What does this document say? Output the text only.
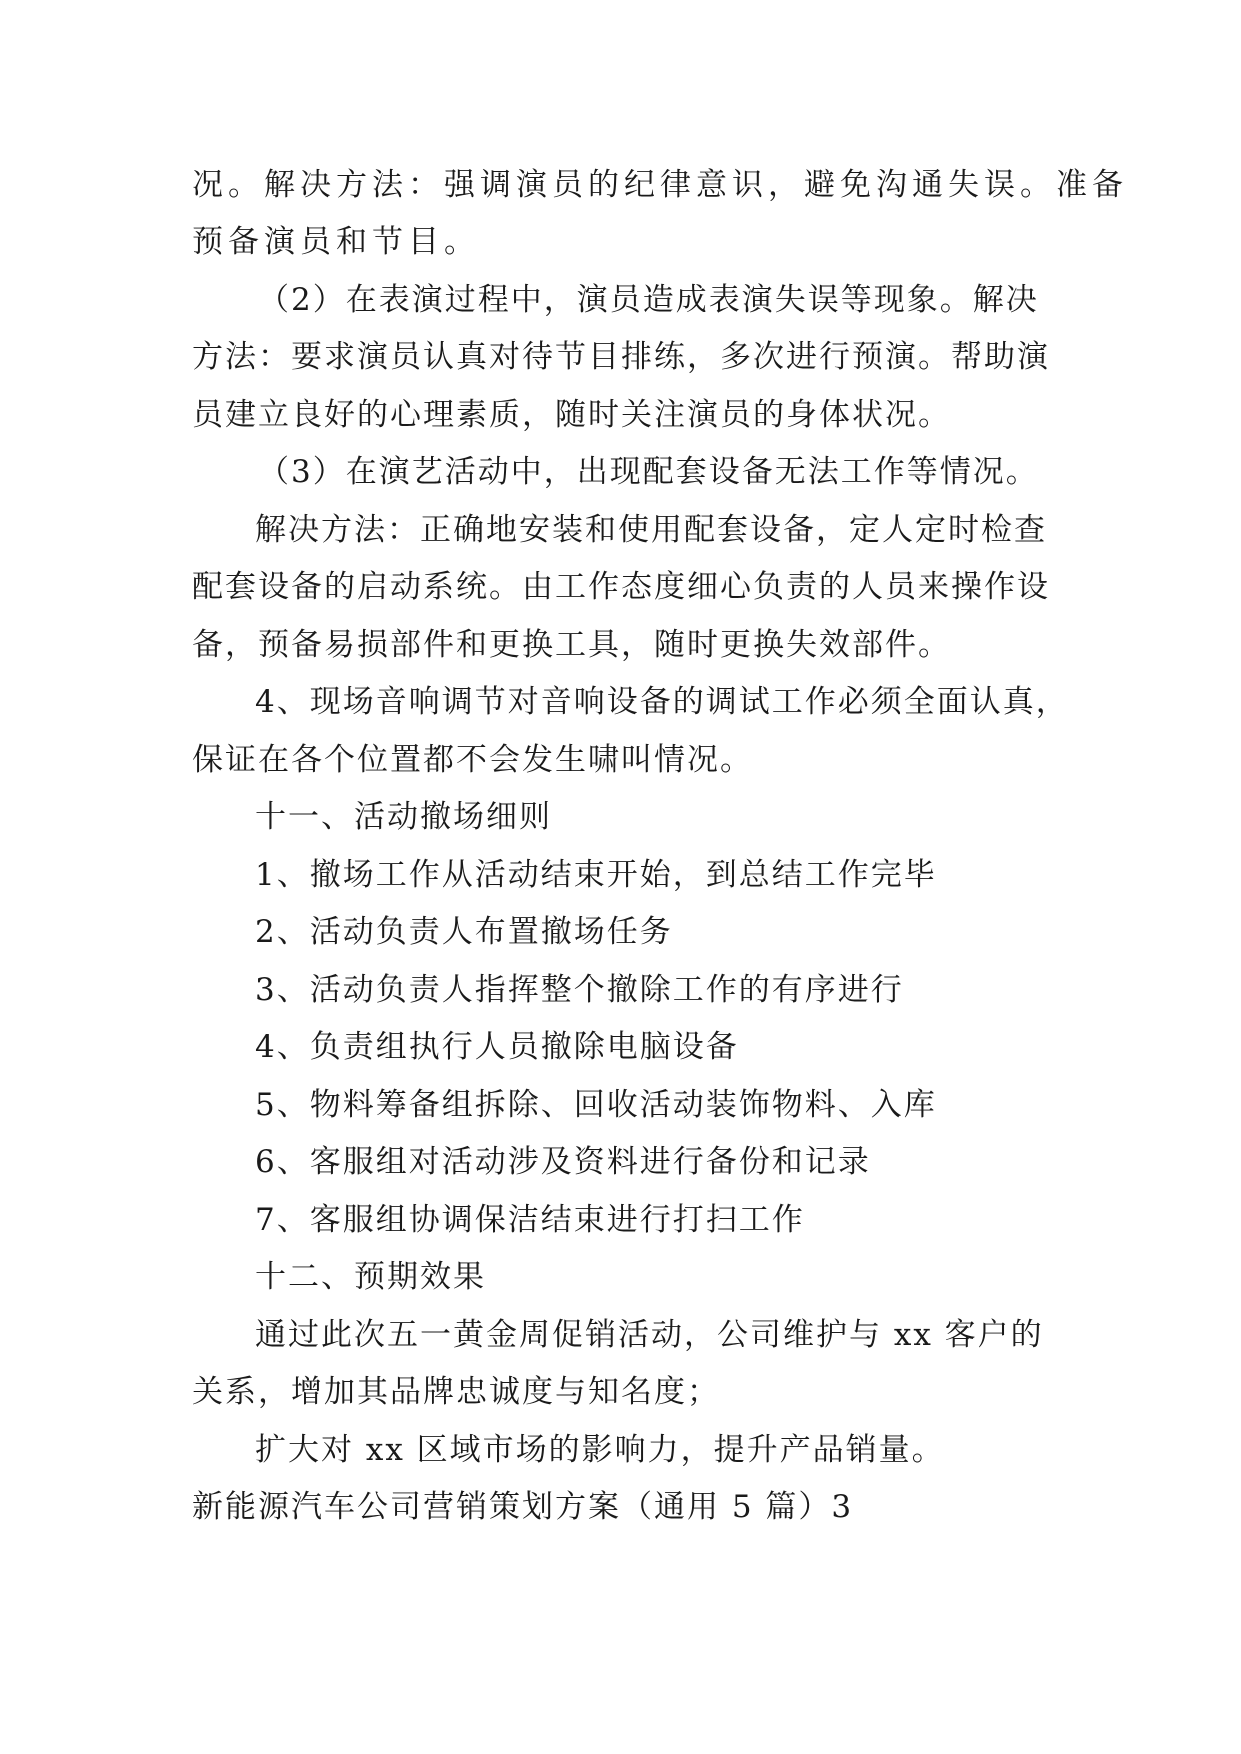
况。解决方法：强调演员的纪律意识，避免沟通失误。准备
预备演员和节目。
（2）在表演过程中，演员造成表演失误等现象。解决
方法：要求演员认真对待节目排练，多次进行预演。帮助演
员建立良好的心理素质，随时关注演员的身体状况。
（3）在演艺活动中，出现配套设备无法工作等情况。
解决方法：正确地安装和使用配套设备，定人定时检查
配套设备的启动系统。由工作态度细心负责的人员来操作设
备，预备易损部件和更换工具，随时更换失效部件。
4、现场音响调节对音响设备的调试工作必须全面认真，
保证在各个位置都不会发生啸叫情况。
十一、活动撤场细则
1、撤场工作从活动结束开始，到总结工作完毕
2、活动负责人布置撤场任务
3、活动负责人指挥整个撤除工作的有序进行
4、负责组执行人员撤除电脑设备
5、物料筹备组拆除、回收活动装饰物料、入库
6、客服组对活动涉及资料进行备份和记录
7、客服组协调保洁结束进行打扫工作
十二、预期效果
通过此次五一黄金周促销活动，公司维护与 xx 客户的
关系，增加其品牌忠诚度与知名度；
扩大对 xx 区域市场的影响力，提升产品销量。
新能源汽车公司营销策划方案（通用 5 篇）3
